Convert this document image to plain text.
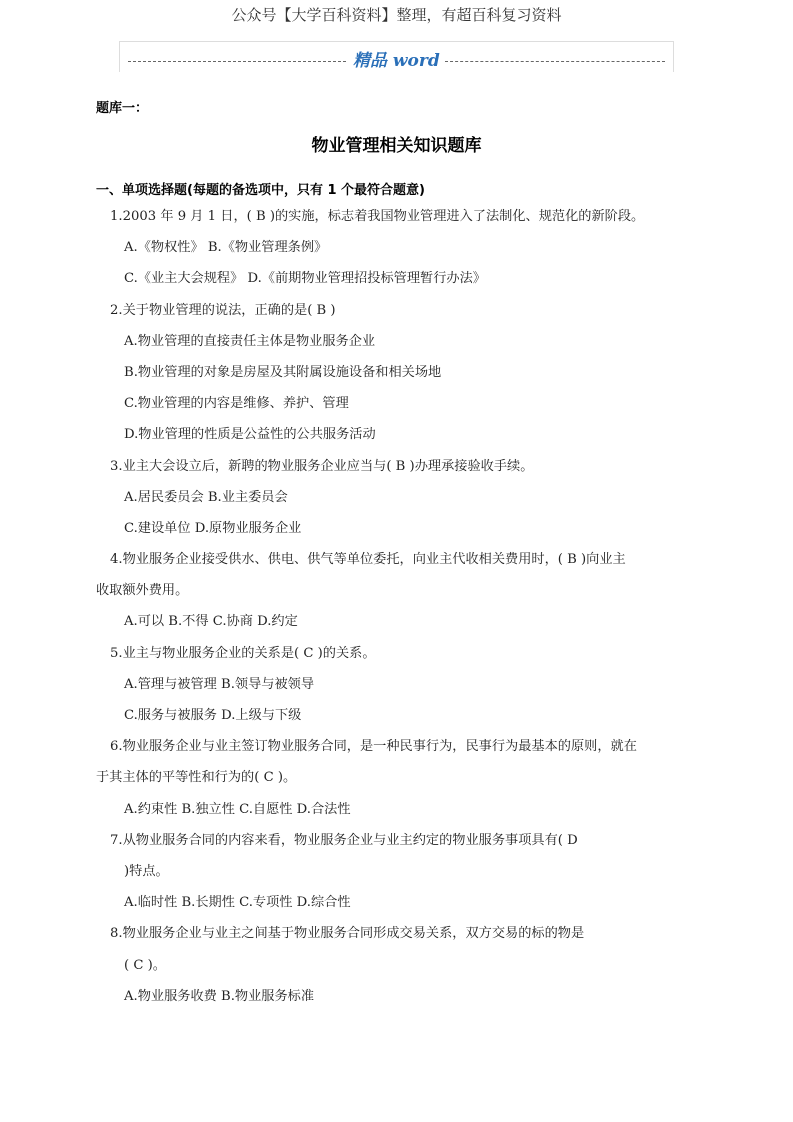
公众号【大学百科资料】整理，有超百科复习资料
精品 word
题库一：
物业管理相关知识题库
一、单项选择题(每题的备选项中，只有 1 个最符合题意)
1.2003 年 9 月 1 日，( B )的实施，标志着我国物业管理进入了法制化、规范化的新阶段。
A.《物权性》 B.《物业管理条例》
C.《业主大会规程》 D.《前期物业管理招投标管理暂行办法》
2.关于物业管理的说法，正确的是( B )
A.物业管理的直接责任主体是物业服务企业
B.物业管理的对象是房屋及其附属设施设备和相关场地
C.物业管理的内容是维修、养护、管理
D.物业管理的性质是公益性的公共服务活动
3.业主大会设立后，新聘的物业服务企业应当与( B )办理承接验收手续。
A.居民委员会 B.业主委员会
C.建设单位 D.原物业服务企业
4.物业服务企业接受供水、供电、供气等单位委托，向业主代收相关费用时，( B )向业主
收取额外费用。
A.可以 B.不得 C.协商 D.约定
5.业主与物业服务企业的关系是( C )的关系。
A.管理与被管理 B.领导与被领导
C.服务与被服务 D.上级与下级
6.物业服务企业与业主签订物业服务合同，是一种民事行为，民事行为最基本的原则，就在
于其主体的平等性和行为的( C )。
A.约束性 B.独立性 C.自愿性 D.合法性
7.从物业服务合同的内容来看，物业服务企业与业主约定的物业服务事项具有( D
)特点。
A.临时性 B.长期性 C.专项性 D.综合性
8.物业服务企业与业主之间基于物业服务合同形成交易关系，双方交易的标的物是
( C )。
A.物业服务收费 B.物业服务标准
